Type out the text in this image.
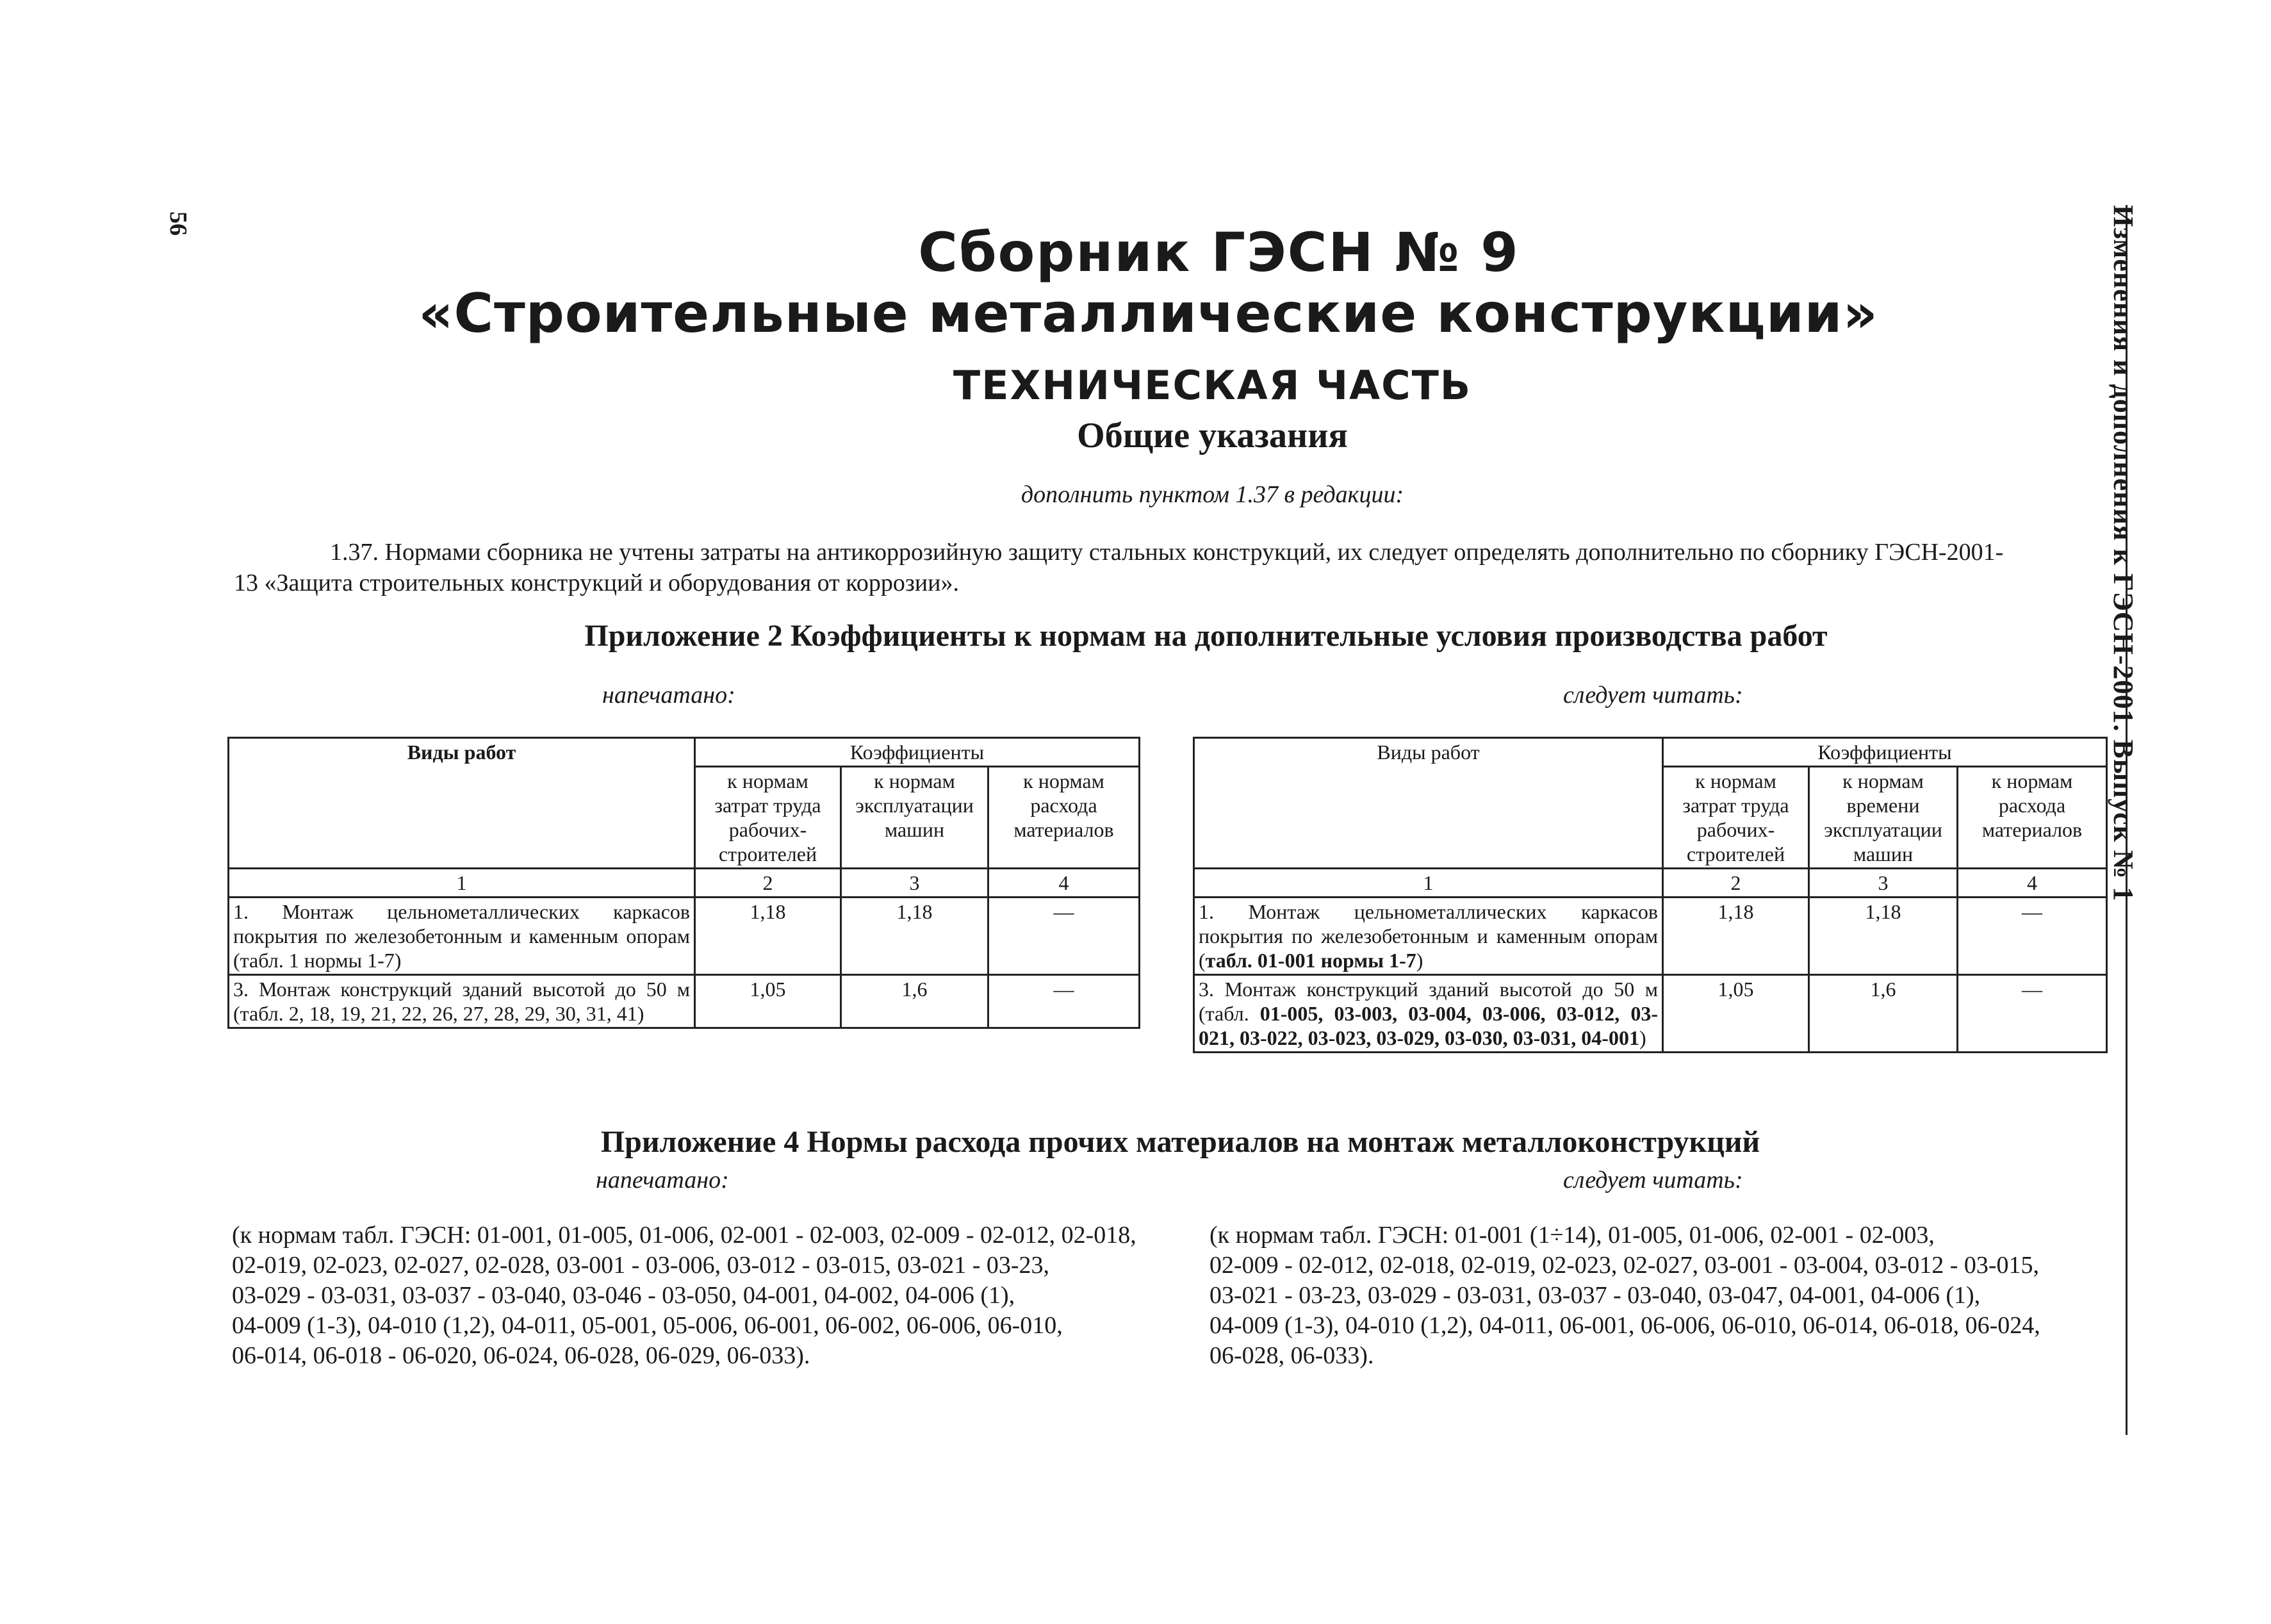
56	Изменения и дополнения к ГЭСН-2001. Выпуск № 1
Сборник ГЭСН № 9
«Строительные металлические конструкции»
ТЕХНИЧЕСКАЯ ЧАСТЬ
Общие указания
дополнить пунктом 1.37 в редакции:
1.37. Нормами сборника не учтены затраты на антикоррозийную защиту стальных конструкций, их следует определять дополнительно по сборнику ГЭСН-2001-
13 «Защита строительных конструкций и оборудования от коррозии».
Приложение 2 Коэффициенты к нормам на дополнительные условия производства работ
напечатано:	следует читать:
Виды работ	Коэффициенты		
	к нормам затрат труда рабочих-строителей	к нормам эксплуатации машин	к нормам расхода материалов
1	2	3	4
1. Монтаж цельнометаллических каркасов покрытия по железобетонным и каменным опорам (табл. 1 нормы 1-7)	1,18	1,18	—
3. Монтаж конструкций зданий высотой до 50 м (табл. 2, 18, 19, 21, 22, 26, 27, 28, 29, 30, 31, 41)	1,05	1,6	—
Виды работ	Коэффициенты		
	к нормам затрат труда рабочих-строителей	к нормам времени эксплуатации машин	к нормам расхода материалов
1	2	3	4
1. Монтаж цельнометаллических каркасов покрытия по железобетонным и каменным опорам (табл. 01-001 нормы 1-7)	1,18	1,18	—
3. Монтаж конструкций зданий высотой до 50 м (табл. 01-005, 03-003, 03-004, 03-006, 03-012, 03-021, 03-022, 03-023, 03-029, 03-030, 03-031, 04-001)	1,05	1,6	—
Приложение 4 Нормы расхода прочих материалов на монтаж металлоконструкций
напечатано:	следует читать:
(к нормам табл. ГЭСН: 01-001, 01-005, 01-006, 02-001 - 02-003, 02-009 - 02-012, 02-018,
02-019, 02-023, 02-027, 02-028, 03-001 - 03-006, 03-012 - 03-015, 03-021 - 03-23,
03-029 - 03-031, 03-037 - 03-040, 03-046 - 03-050, 04-001, 04-002, 04-006 (1),
04-009 (1-3), 04-010 (1,2), 04-011, 05-001, 05-006, 06-001, 06-002, 06-006, 06-010,
06-014, 06-018 - 06-020, 06-024, 06-028, 06-029, 06-033).
(к нормам табл. ГЭСН: 01-001 (1÷14), 01-005, 01-006, 02-001 - 02-003,
02-009 - 02-012, 02-018, 02-019, 02-023, 02-027, 03-001 - 03-004, 03-012 - 03-015,
03-021 - 03-23, 03-029 - 03-031, 03-037 - 03-040, 03-047, 04-001, 04-006 (1),
04-009 (1-3), 04-010 (1,2), 04-011, 06-001, 06-006, 06-010, 06-014, 06-018, 06-024,
06-028, 06-033).
